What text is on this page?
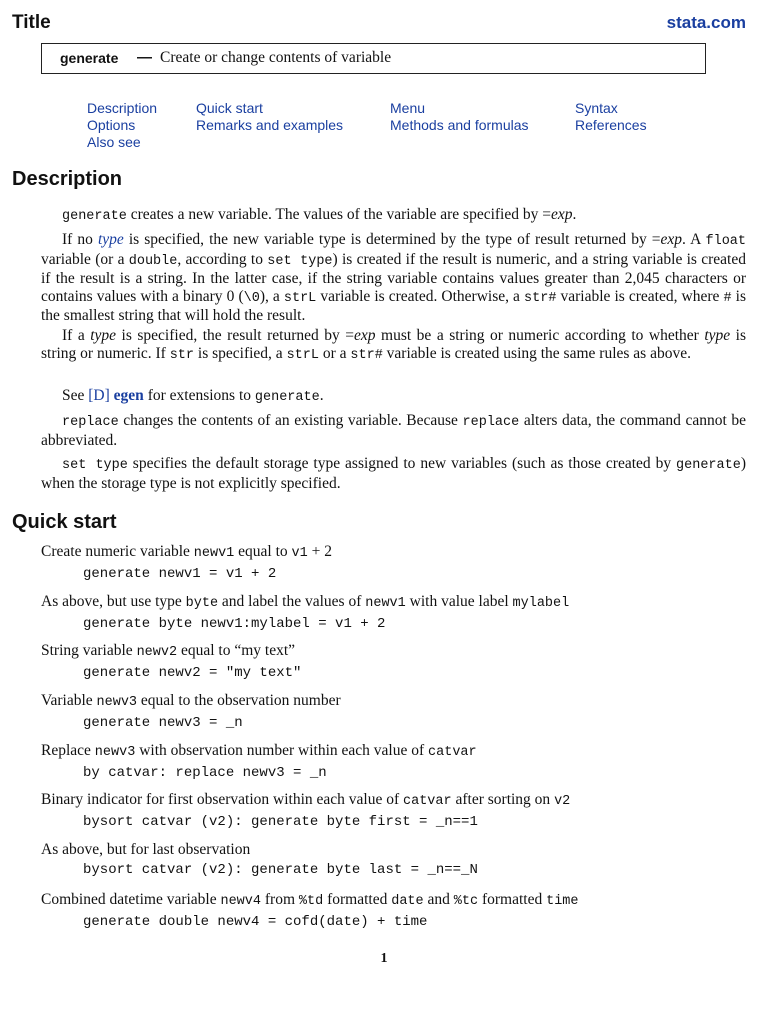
Title	stata.com
generate — Create or change contents of variable
Description
Options
Also see
Quick start
Remarks and examples
Menu
Methods and formulas
Syntax
References
Description
generate creates a new variable. The values of the variable are specified by =exp.
If no type is specified, the new variable type is determined by the type of result returned by =exp. A float variable (or a double, according to set type) is created if the result is numeric, and a string variable is created if the result is a string. In the latter case, if the string variable contains values greater than 2,045 characters or contains values with a binary 0 (\0), a strL variable is created. Otherwise, a str# variable is created, where # is the smallest string that will hold the result.
If a type is specified, the result returned by =exp must be a string or numeric according to whether type is string or numeric. If str is specified, a strL or a str# variable is created using the same rules as above.
See [D] egen for extensions to generate.
replace changes the contents of an existing variable. Because replace alters data, the command cannot be abbreviated.
set type specifies the default storage type assigned to new variables (such as those created by generate) when the storage type is not explicitly specified.
Quick start
Create numeric variable newv1 equal to v1 + 2
generate newv1 = v1 + 2
As above, but use type byte and label the values of newv1 with value label mylabel
generate byte newv1:mylabel = v1 + 2
String variable newv2 equal to “my text”
generate newv2 = "my text"
Variable newv3 equal to the observation number
generate newv3 = _n
Replace newv3 with observation number within each value of catvar
by catvar: replace newv3 = _n
Binary indicator for first observation within each value of catvar after sorting on v2
bysort catvar (v2): generate byte first = _n==1
As above, but for last observation
bysort catvar (v2): generate byte last = _n==_N
Combined datetime variable newv4 from %td formatted date and %tc formatted time
generate double newv4 = cofd(date) + time
1
